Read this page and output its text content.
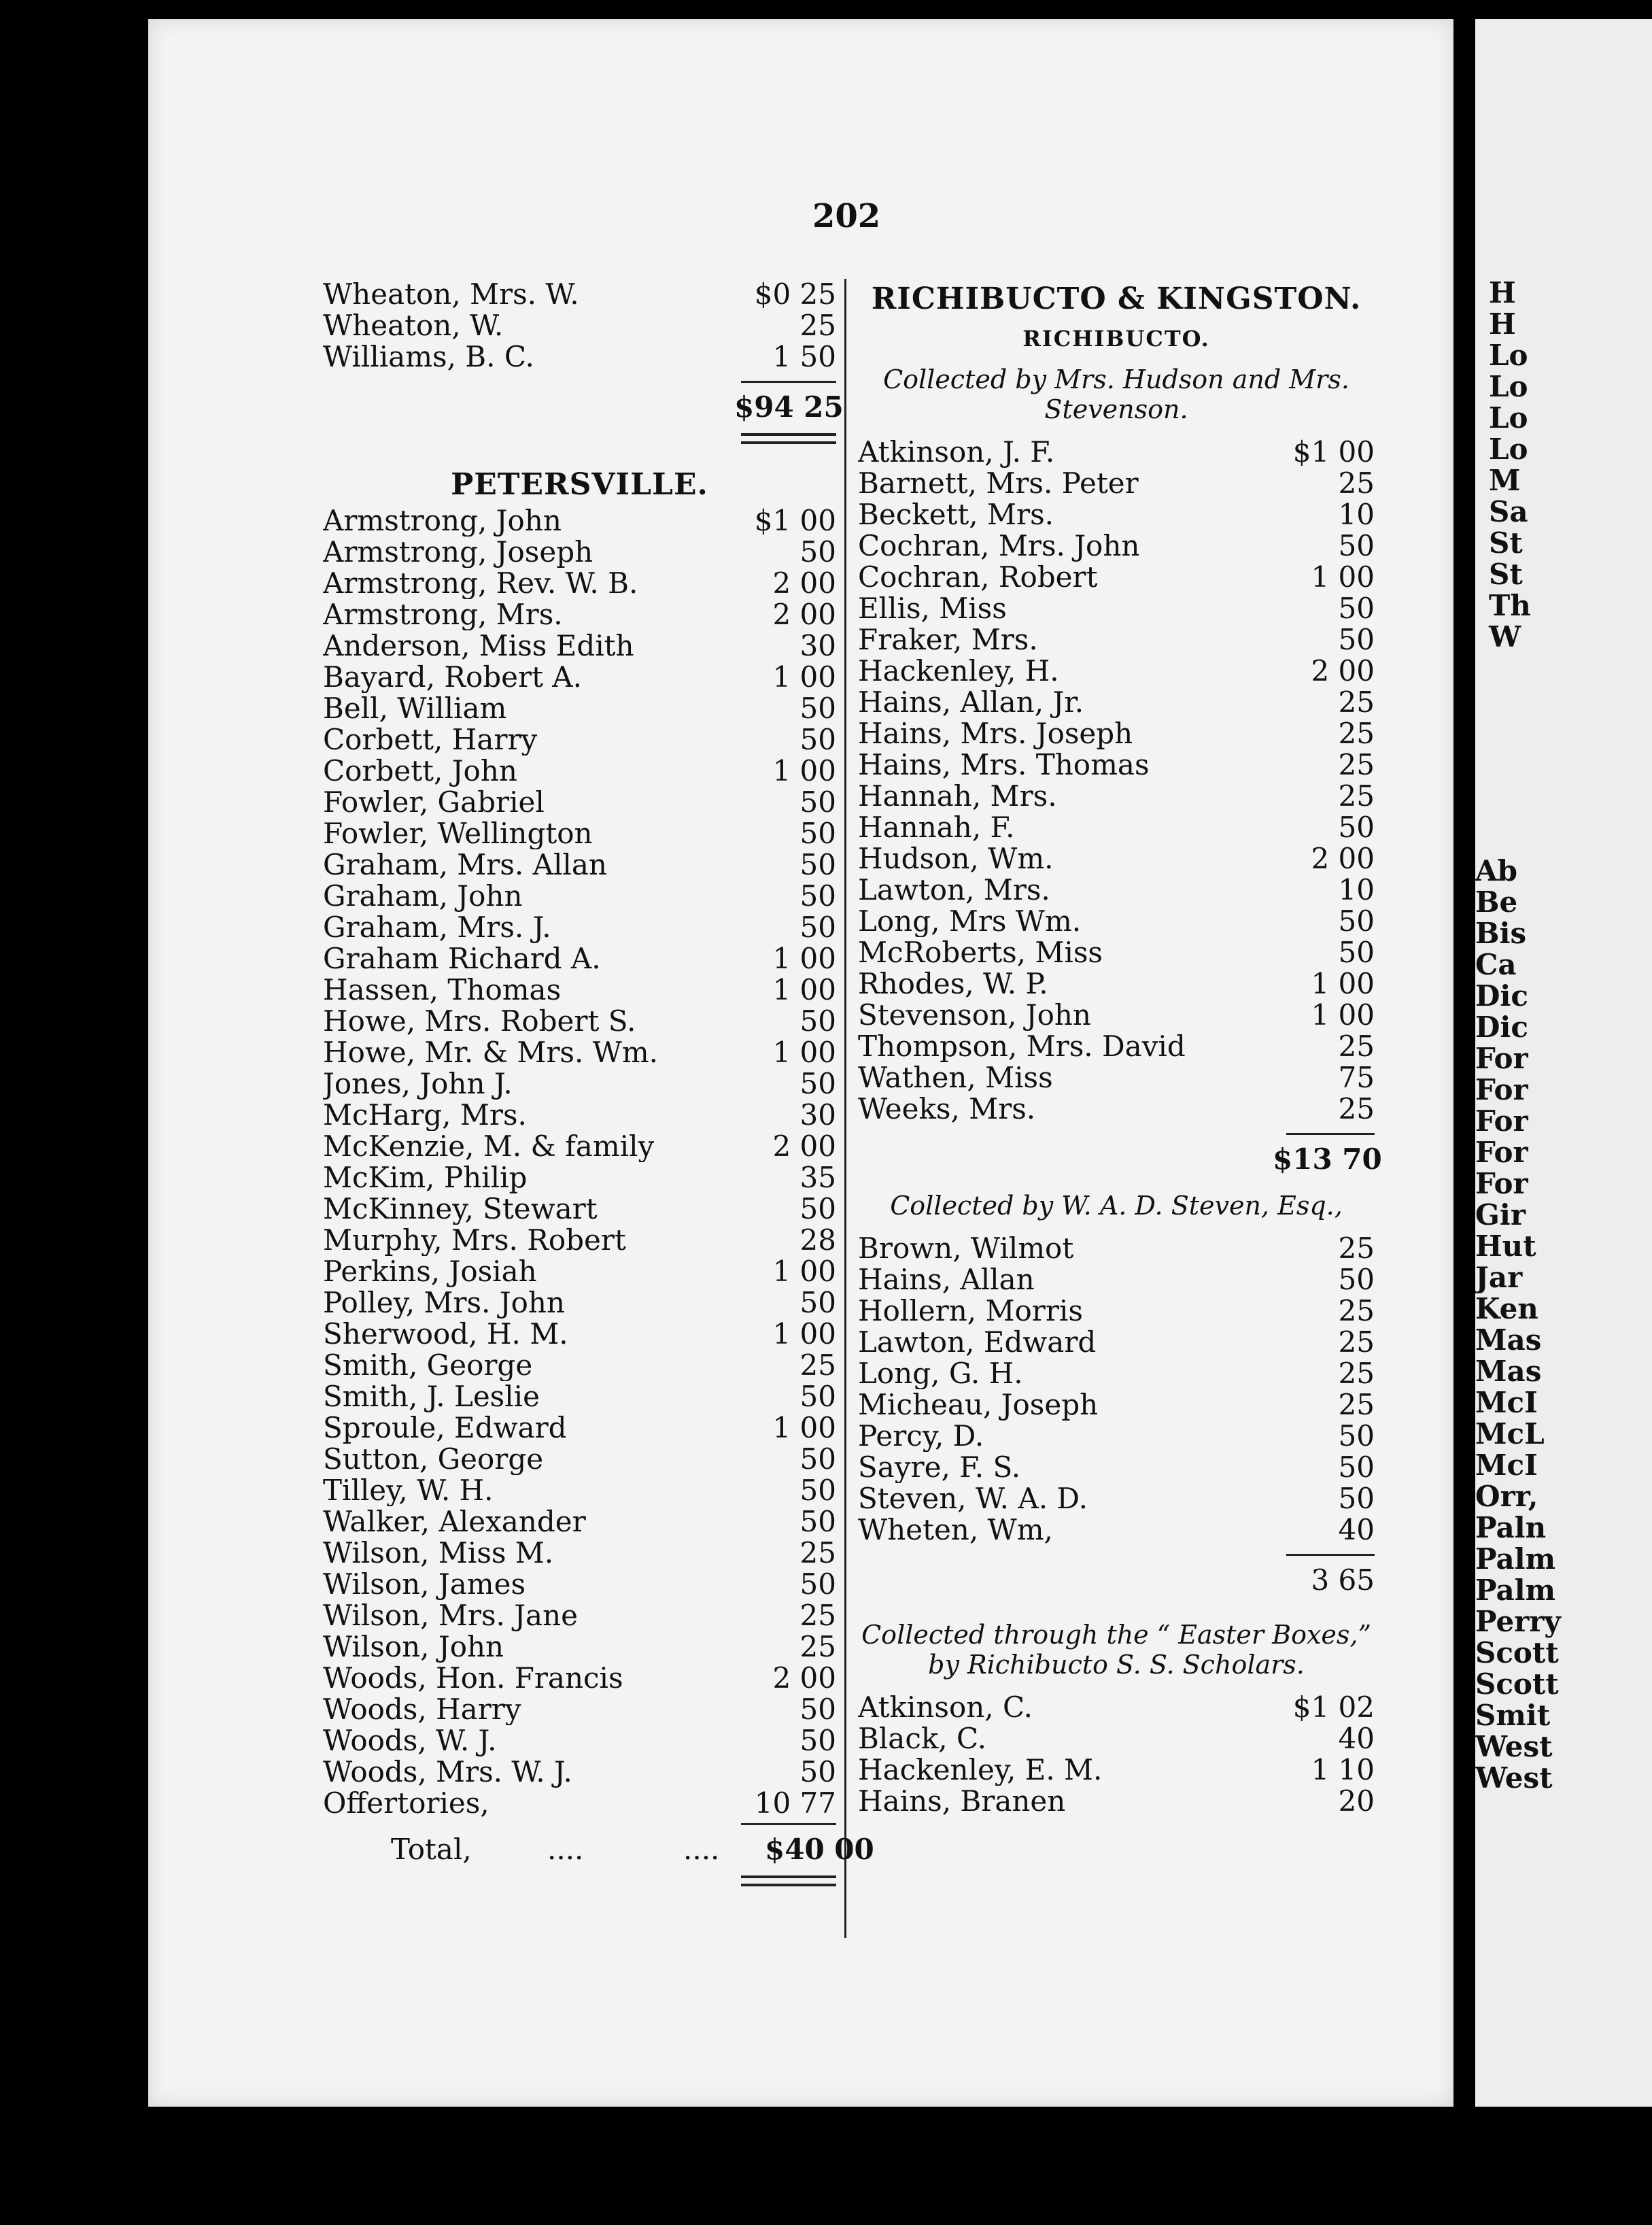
H
H
Lo
Lo
Lo
Lo
M
Sa
St
St
Th
W
Ab
Be
Bis
Ca
Dic
Dic
For
For
For
For
For
Gir
Hut
Jar
Ken
Mas
Mas
McI
McL
McI
Orr,
Paln
Palm
Palm
Perry
Scott
Scott
Smit
West
West
202
Wheaton, Mrs. W.	$0 25
Wheaton, W.	25
Williams, B. C.	1 50
$94 25
PETERSVILLE.
Armstrong, John	$1 00
Armstrong, Joseph	50
Armstrong, Rev. W. B.	2 00
Armstrong, Mrs.	2 00
Anderson, Miss Edith	30
Bayard, Robert A.	1 00
Bell, William	50
Corbett, Harry	50
Corbett, John	1 00
Fowler, Gabriel	50
Fowler, Wellington	50
Graham, Mrs. Allan	50
Graham, John	50
Graham, Mrs. J.	50
Graham Richard A.	1 00
Hassen, Thomas	1 00
Howe, Mrs. Robert S.	50
Howe, Mr. & Mrs. Wm.	1 00
Jones, John J.	50
McHarg, Mrs.	30
McKenzie, M. & family	2 00
McKim, Philip	35
McKinney, Stewart	50
Murphy, Mrs. Robert	28
Perkins, Josiah	1 00
Polley, Mrs. John	50
Sherwood, H. M.	1 00
Smith, George	25
Smith, J. Leslie	50
Sproule, Edward	1 00
Sutton, George	50
Tilley, W. H.	50
Walker, Alexander	50
Wilson, Miss M.	25
Wilson, James	50
Wilson, Mrs. Jane	25
Wilson, John	25
Woods, Hon. Francis	2 00
Woods, Harry	50
Woods, W. J.	50
Woods, Mrs. W. J.	50
Offertories,	10 77
Total,	....	....	$40 00
RICHIBUCTO & KINGSTON.
RICHIBUCTO.
Collected by Mrs. Hudson and Mrs.
Stevenson.
Atkinson, J. F.	$1 00
Barnett, Mrs. Peter	25
Beckett, Mrs.	10
Cochran, Mrs. John	50
Cochran, Robert	1 00
Ellis, Miss	50
Fraker, Mrs.	50
Hackenley, H.	2 00
Hains, Allan, Jr.	25
Hains, Mrs. Joseph	25
Hains, Mrs. Thomas	25
Hannah, Mrs.	25
Hannah, F.	50
Hudson, Wm.	2 00
Lawton, Mrs.	10
Long, Mrs Wm.	50
McRoberts, Miss	50
Rhodes, W. P.	1 00
Stevenson, John	1 00
Thompson, Mrs. David	25
Wathen, Miss	75
Weeks, Mrs.	25
$13 70
Collected by W. A. D. Steven, Esq.,
Brown, Wilmot	25
Hains, Allan	50
Hollern, Morris	25
Lawton, Edward	25
Long, G. H.	25
Micheau, Joseph	25
Percy, D.	50
Sayre, F. S.	50
Steven, W. A. D.	50
Wheten, Wm,	40
3 65
Collected through the “ Easter Boxes,”
by Richibucto S. S. Scholars.
Atkinson, C.	$1 02
Black, C.	40
Hackenley, E. M.	1 10
Hains, Branen	20
